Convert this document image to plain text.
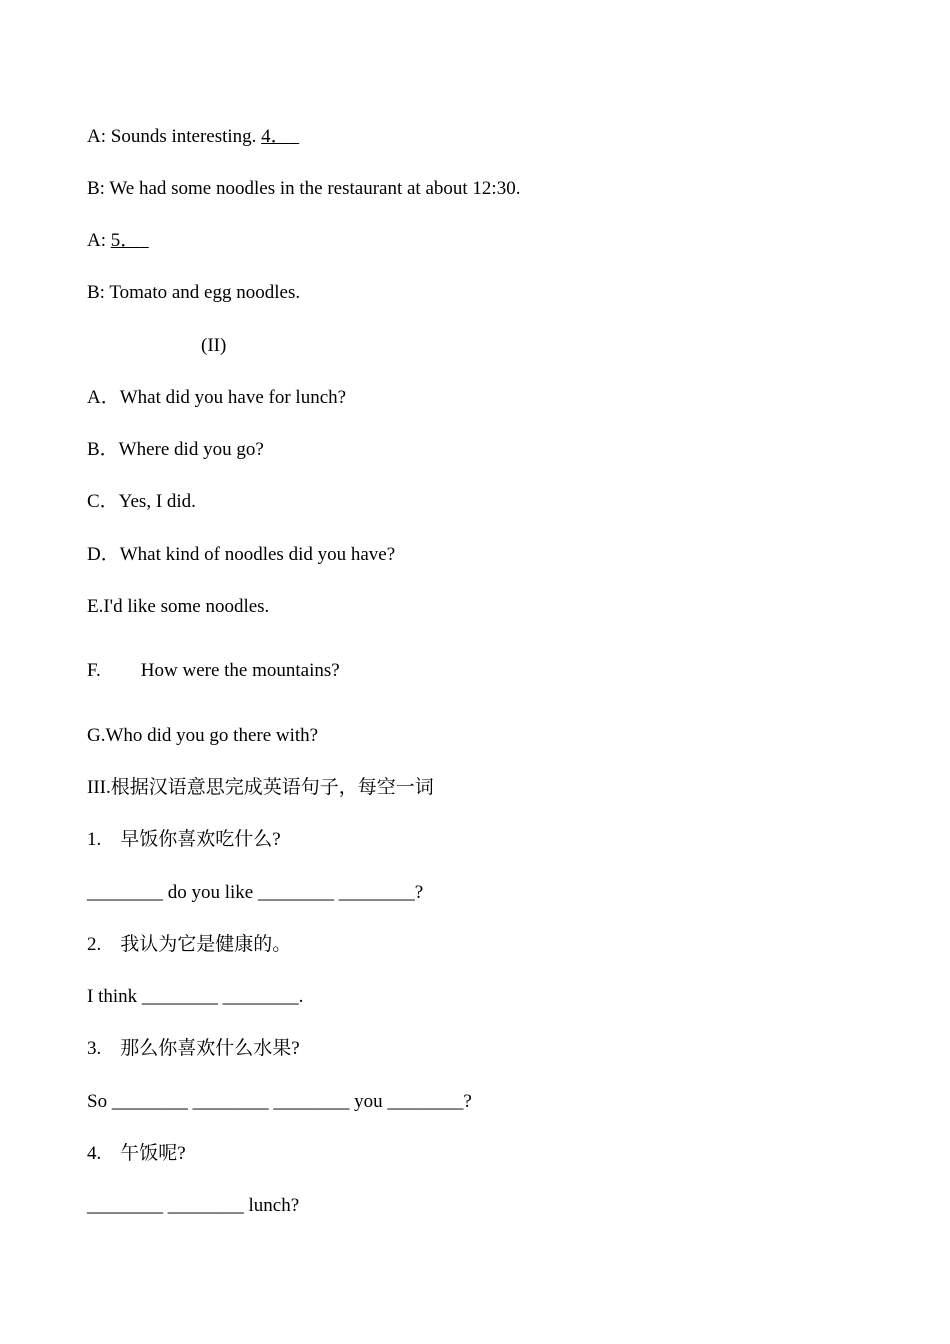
A: Sounds interesting. 4．
B: We had some noodles in the restaurant at about 12:30.
A: 5．
B: Tomato and egg noodles.
(II)
A．What did you have for lunch?
B．Where did you go?
C．Yes, I did.
D．What kind of noodles did you have?
E.I'd like some noodles.
F. How were the mountains?
G.Who did you go there with?
III.根据汉语意思完成英语句子，每空一词
1.　早饭你喜欢吃什么?
________ do you like ________ ________?
2.　我认为它是健康的。
I think ________ ________.
3.　那么你喜欢什么水果?
So ________ ________ ________ you ________?
4.　午饭呢?
________ ________ lunch?
